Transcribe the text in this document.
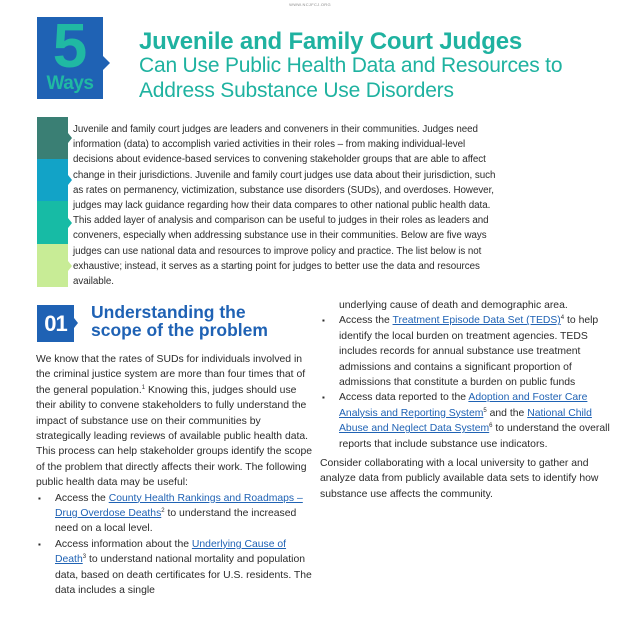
WWW.NCJFCJ.ORG
5
Ways
Juvenile and Family Court Judges
Can Use Public Health Data and Resources to
Address Substance Use Disorders

Juvenile and family court judges are leaders and conveners in their communities. Judges need information (data) to accomplish varied activities in their roles – from making individual-level decisions about evidence-based services to convening stakeholder groups that are able to affect change in their jurisdictions. Juvenile and family court judges use data about their jurisdiction, such as rates on permanency, victimization, substance use disorders (SUDs), and overdoses. However, judges may lack guidance regarding how their data compares to other national public health data. This added layer of analysis and comparison can be useful to judges in their roles as leaders and conveners, especially when addressing substance use in their communities. Below are five ways judges can use national data and resources to improve policy and practice. The list below is not exhaustive; instead, it serves as a starting point for judges to better use the data and resources available.

01	Understanding the
scope of the problem

We know that the rates of SUDs for individuals involved in the criminal justice system are more than four times that of the general population.$^1$ Knowing this, judges should use their ability to convene stakeholders to fully understand the impact of substance use on their communities by strategically leading reviews of available public health data. This process can help stakeholder groups identify the scope of the problem that directly affects their work. The following public health data may be useful:

▪ Access the County Health Rankings and Roadmaps – Drug Overdose Deaths$^2$ to understand the increased need on a local level.
▪ Access information about the Underlying Cause of Death$^3$ to understand national mortality and population data, based on death certificates for U.S. residents. The data includes a single
underlying cause of death and demographic area.
▪ Access the Treatment Episode Data Set (TEDS)$^4$ to help identify the local burden on treatment agencies. TEDS includes records for annual substance use treatment admissions and contains a significant proportion of admissions that constitute a burden on public funds
▪ Access data reported to the Adoption and Foster Care Analysis and Reporting System$^5$ and the National Child Abuse and Neglect Data System$^6$ to understand the overall reports that include substance use indicators.

Consider collaborating with a local university to gather and analyze data from publicly available data sets to identify how substance use affects the community.
